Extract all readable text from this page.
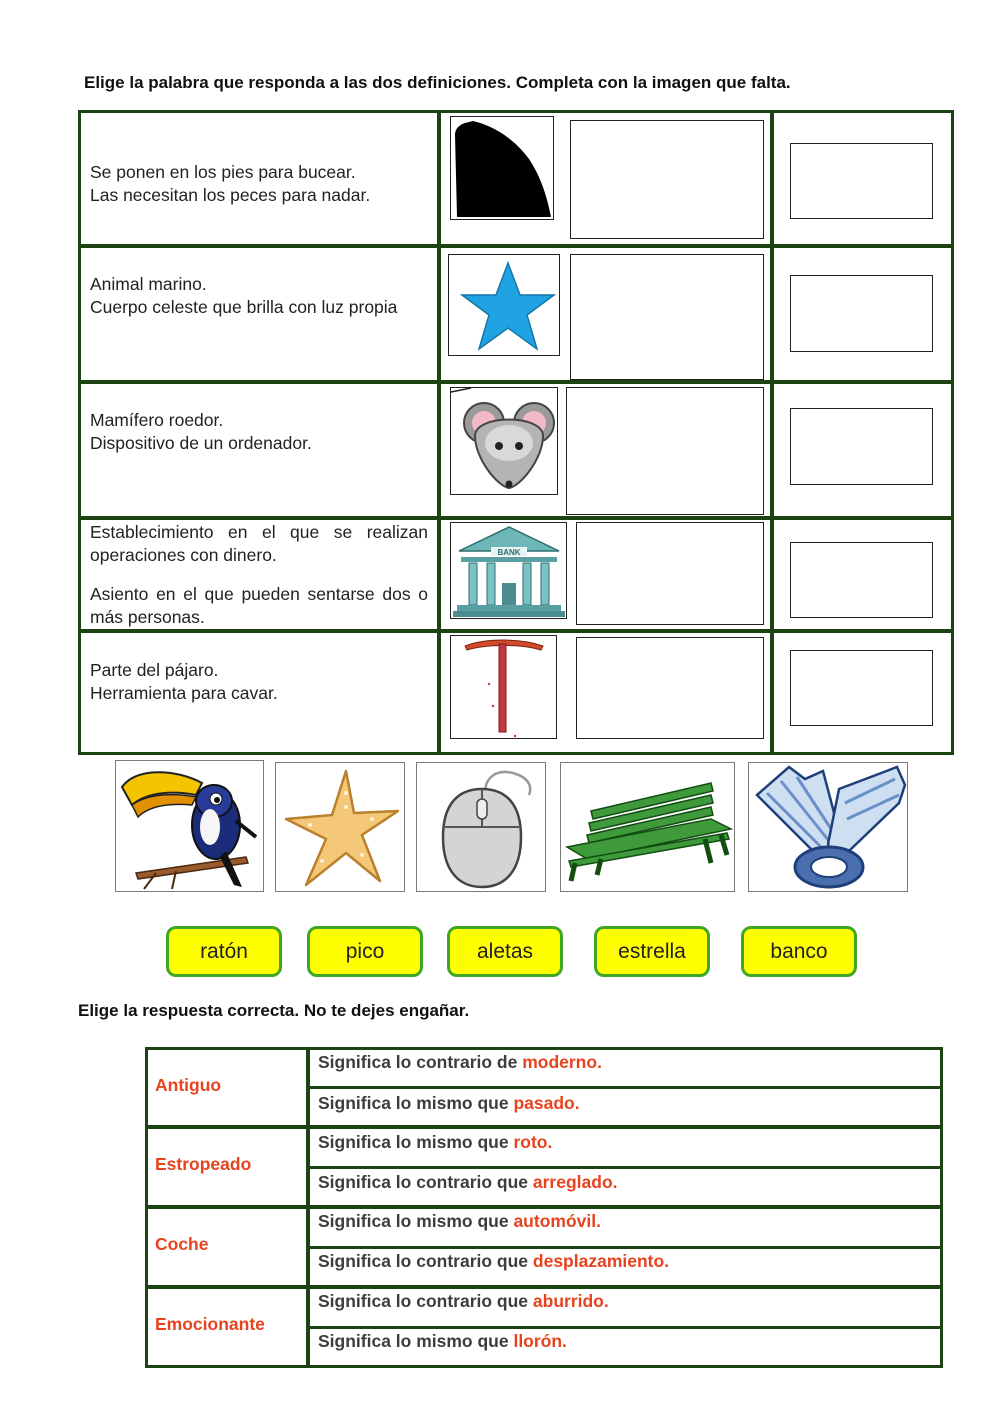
Elige la palabra que responda a las dos definiciones. Completa con la imagen que falta.

Se ponen en los pies para bucear.

Las necesitan los peces para nadar.

Animal marino.

Cuerpo celeste que brilla con luz propia

Mamífero roedor.

Dispositivo de un ordenador.

Establecimiento en el que se realizan operaciones con dinero.

Asiento en el que pueden sentarse dos o más personas.

BANK

Parte del pájaro.

Herramienta para cavar.

ratón	pico	aletas	estrella	banco
Elige la respuesta correcta. No te dejes engañar.
Antiguo
Significa lo contrario de moderno.
Significa lo mismo que pasado.
Estropeado
Significa lo mismo que roto.
Significa lo contrario que arreglado.
Coche
Significa lo mismo que automóvil.
Significa lo contrario que desplazamiento.
Emocionante
Significa lo contrario que aburrido.
Significa lo mismo que llorón.
